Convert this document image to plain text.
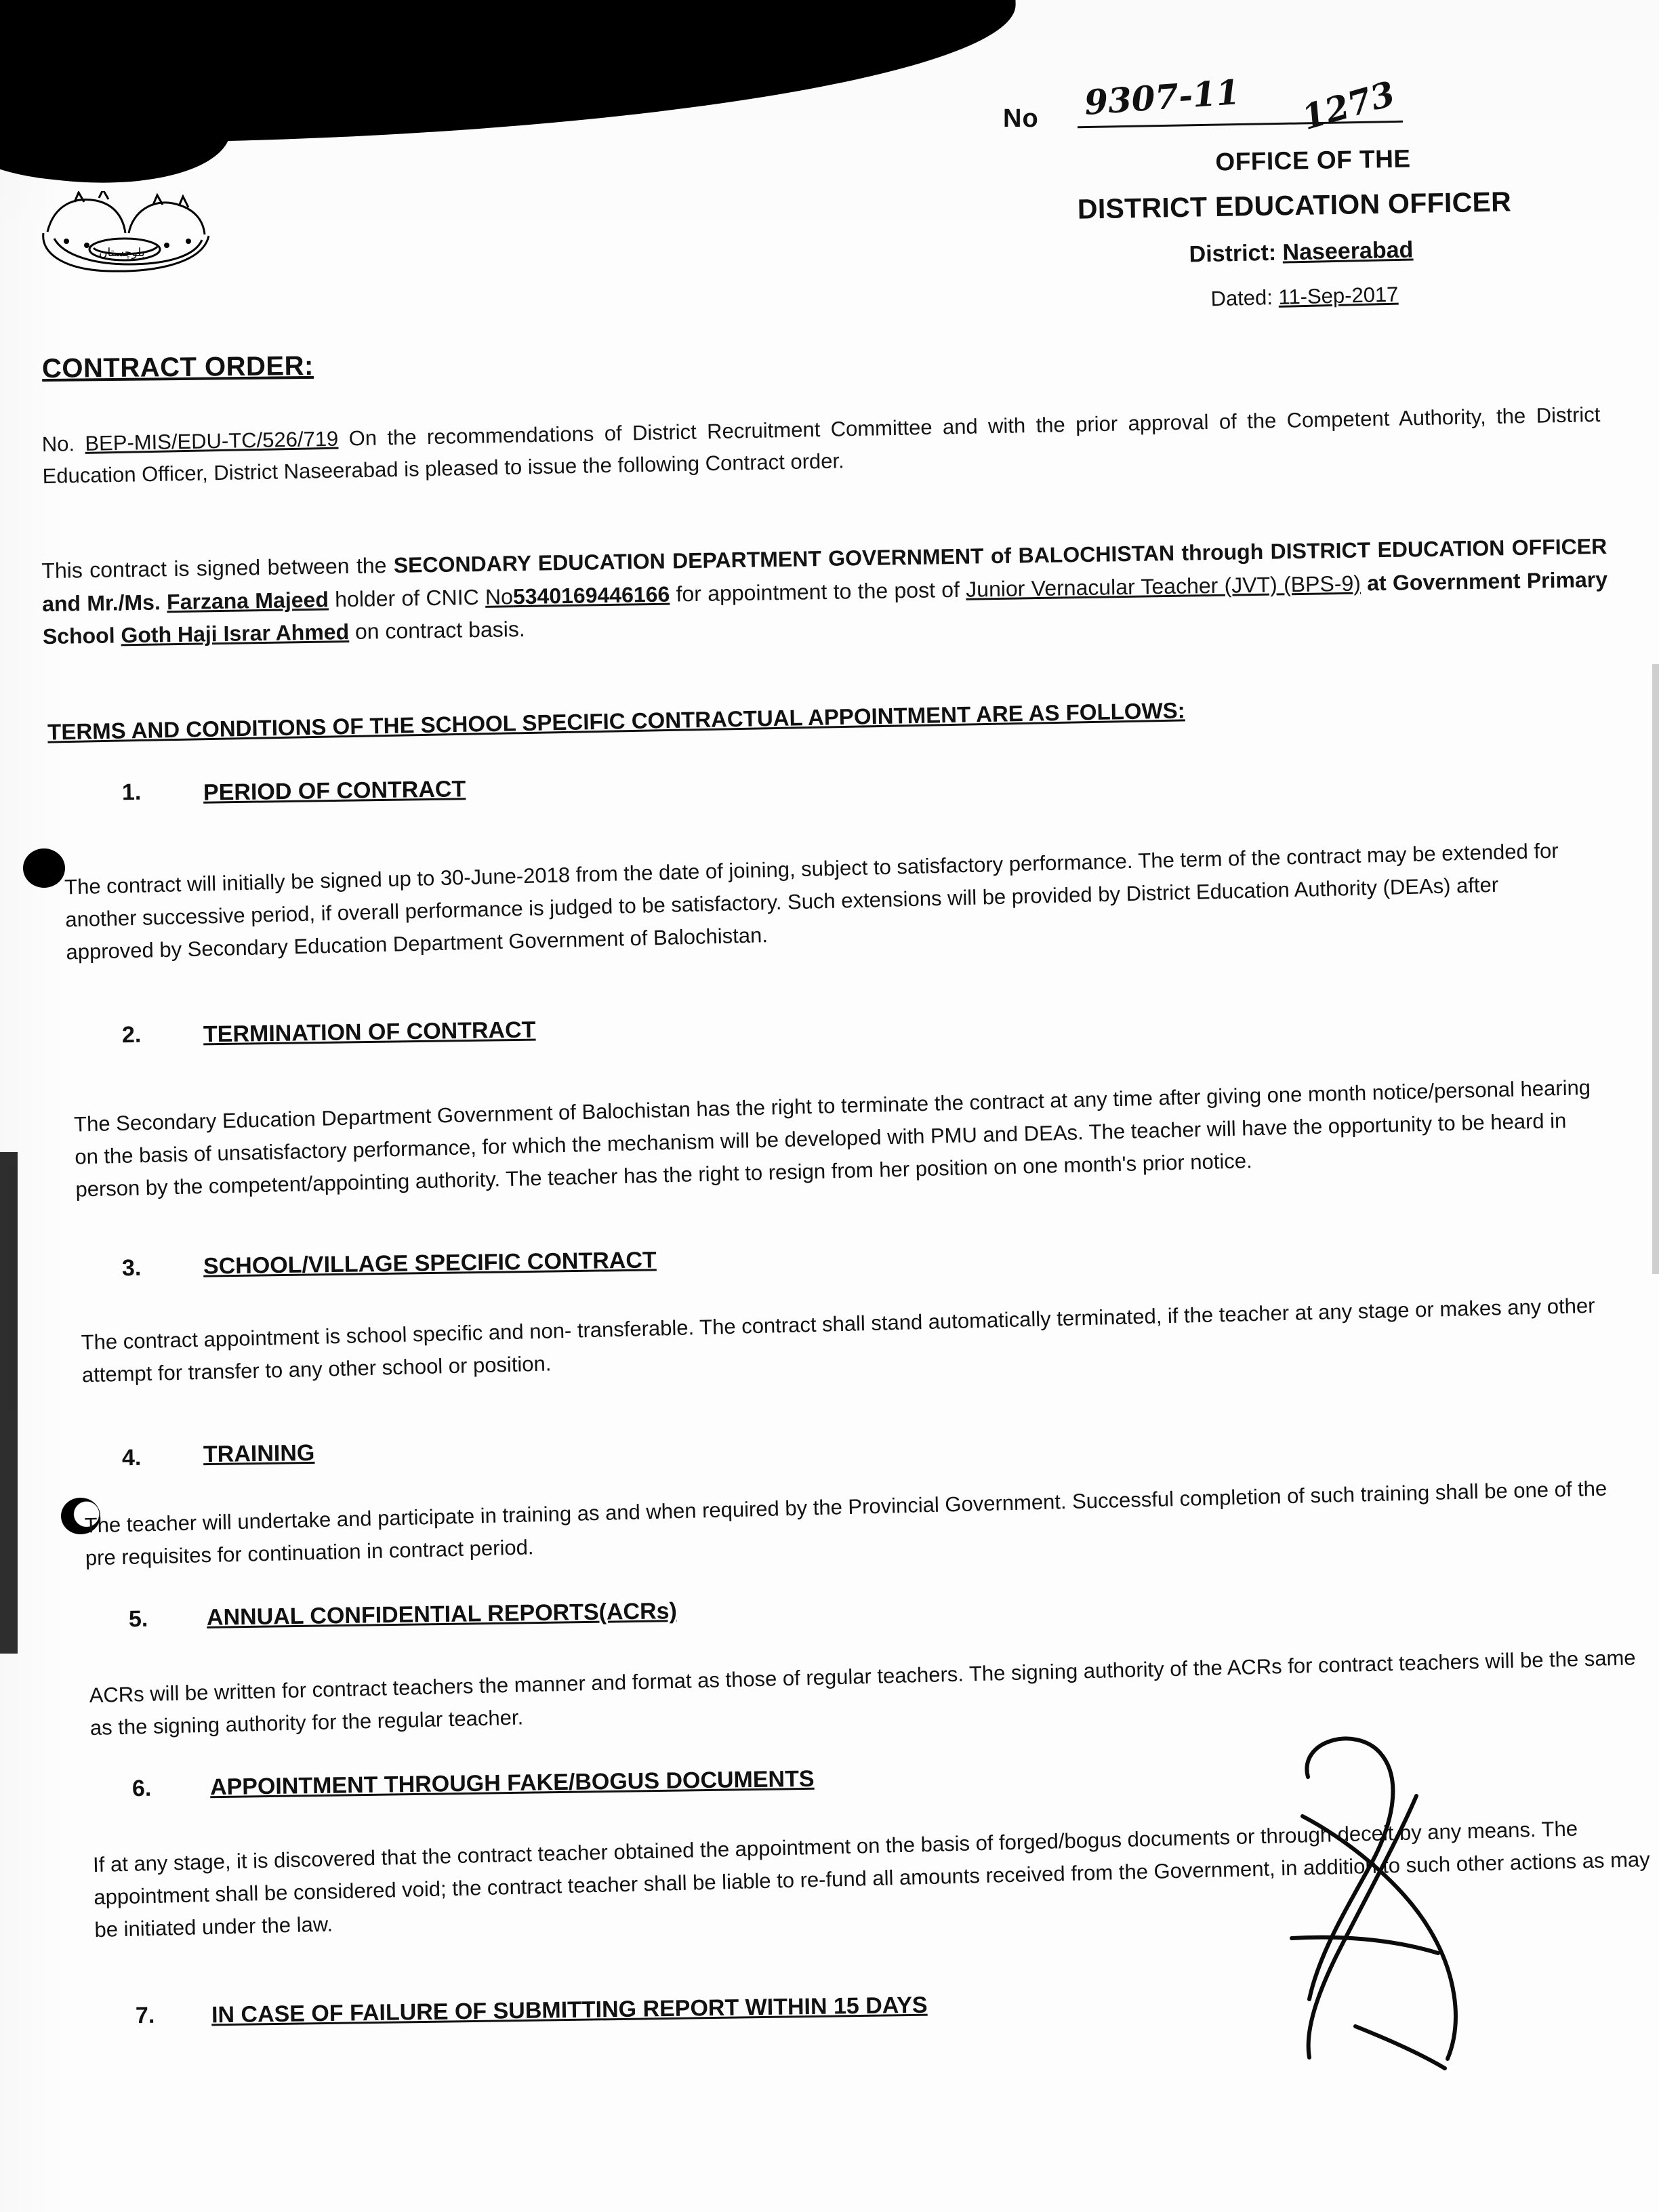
بلوچستان
No 9307-11 1273
OFFICE OF THE
DISTRICT EDUCATION OFFICER
District: Naseerabad
Dated: 11-Sep-2017
CONTRACT ORDER:
No. BEP-MIS/EDU-TC/526/719 On the recommendations of District Recruitment Committee and with the prior approval of the Competent Authority, the District Education Officer, District Naseerabad is pleased to issue the following Contract order.
This contract is signed between the SECONDARY EDUCATION DEPARTMENT GOVERNMENT of BALOCHISTAN through DISTRICT EDUCATION OFFICER and Mr./Ms. Farzana Majeed holder of CNIC No5340169446166 for appointment to the post of Junior Vernacular Teacher (JVT) (BPS-9) at Government Primary School Goth Haji Israr Ahmed on contract basis.
TERMS AND CONDITIONS OF THE SCHOOL SPECIFIC CONTRACTUAL APPOINTMENT ARE AS FOLLOWS:
1.	PERIOD OF CONTRACT
The contract will initially be signed up to 30-June-2018 from the date of joining, subject to satisfactory performance. The term of the contract may be extended for another successive period, if overall performance is judged to be satisfactory. Such extensions will be provided by District Education Authority (DEAs) after approved by Secondary Education Department Government of Balochistan.
2.	TERMINATION OF CONTRACT
The Secondary Education Department Government of Balochistan has the right to terminate the contract at any time after giving one month notice/personal hearing on the basis of unsatisfactory performance, for which the mechanism will be developed with PMU and DEAs. The teacher will have the opportunity to be heard in person by the competent/appointing authority. The teacher has the right to resign from her position on one month's prior notice.
3.	SCHOOL/VILLAGE SPECIFIC CONTRACT
The contract appointment is school specific and non- transferable. The contract shall stand automatically terminated, if the teacher at any stage or makes any other attempt for transfer to any other school or position.
4.	TRAINING
The teacher will undertake and participate in training as and when required by the Provincial Government. Successful completion of such training shall be one of the pre requisites for continuation in contract period.
5.	ANNUAL CONFIDENTIAL REPORTS(ACRs)
ACRs will be written for contract teachers the manner and format as those of regular teachers. The signing authority of the ACRs for contract teachers will be the same as the signing authority for the regular teacher.
6.	APPOINTMENT THROUGH FAKE/BOGUS DOCUMENTS
If at any stage, it is discovered that the contract teacher obtained the appointment on the basis of forged/bogus documents or through deceit by any means. The appointment shall be considered void; the contract teacher shall be liable to re-fund all amounts received from the Government, in addition to such other actions as may be initiated under the law.
7. IN CASE OF FAILURE OF SUBMITTING REPORT WITHIN 15 DAYS
